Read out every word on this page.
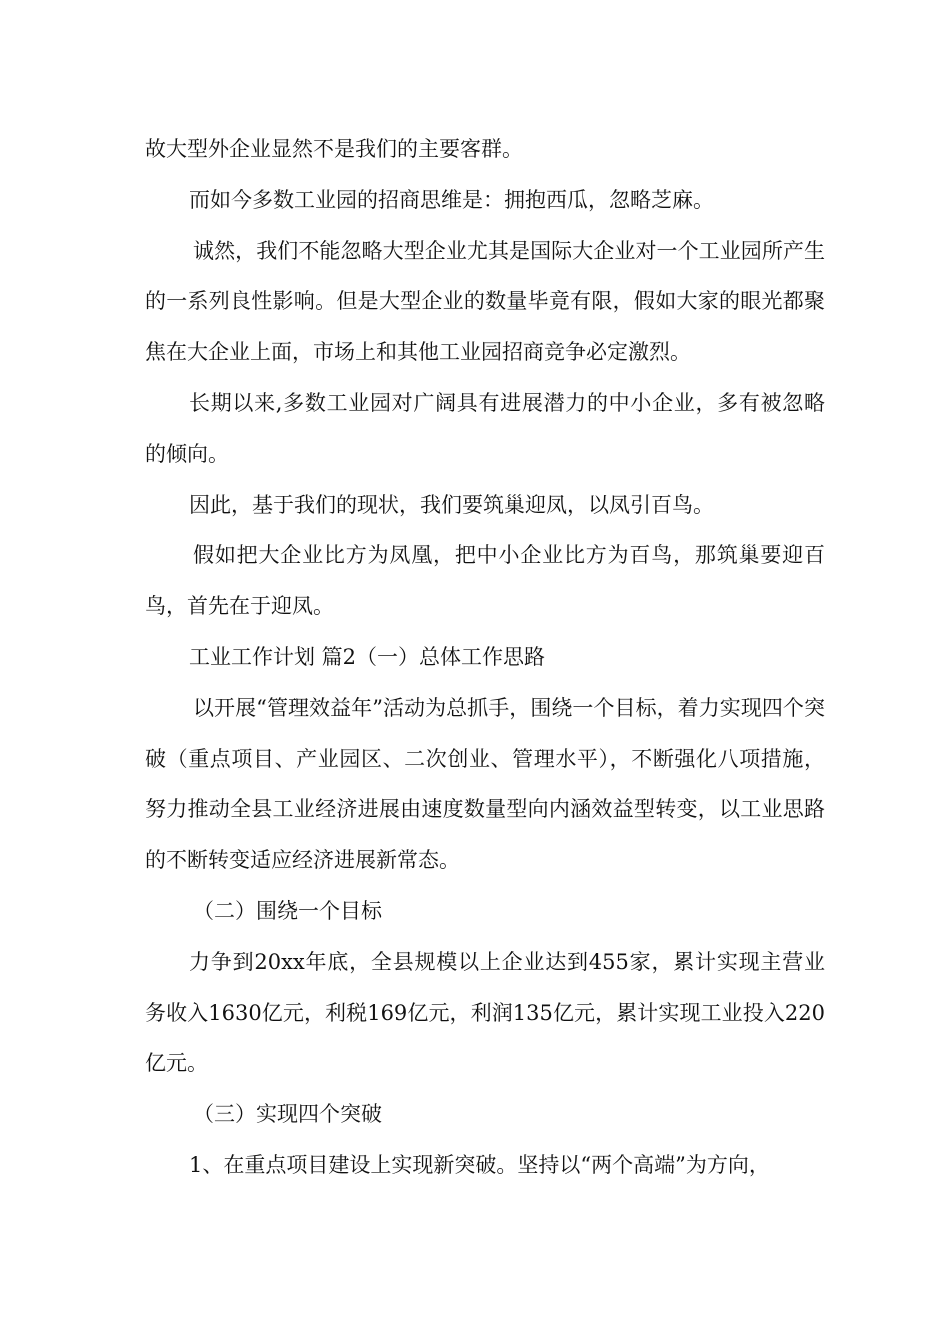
故大型外企业显然不是我们的主要客群。

而如今多数工业园的招商思维是：拥抱西瓜，忽略芝麻。

诚然，我们不能忽略大型企业尤其是国际大企业对一个工业园所产生的一系列良性影响。但是大型企业的数量毕竟有限，假如大家的眼光都聚焦在大企业上面，市场上和其他工业园招商竞争必定激烈。

长期以来,多数工业园对广阔具有进展潜力的中小企业，多有被忽略的倾向。

因此，基于我们的现状，我们要筑巢迎凤，以凤引百鸟。

假如把大企业比方为凤凰，把中小企业比方为百鸟，那筑巢要迎百鸟，首先在于迎凤。

工业工作计划 篇2（一）总体工作思路

以开展“管理效益年”活动为总抓手，围绕一个目标，着力实现四个突破（重点项目、产业园区、二次创业、管理水平），不断强化八项措施，努力推动全县工业经济进展由速度数量型向内涵效益型转变，以工业思路的不断转变适应经济进展新常态。

（二）围绕一个目标

力争到20xx年底，全县规模以上企业达到455家，累计实现主营业务收入1630亿元，利税169亿元，利润135亿元，累计实现工业投入220亿元。

（三）实现四个突破

1、在重点项目建设上实现新突破。坚持以“两个高端”为方向，
